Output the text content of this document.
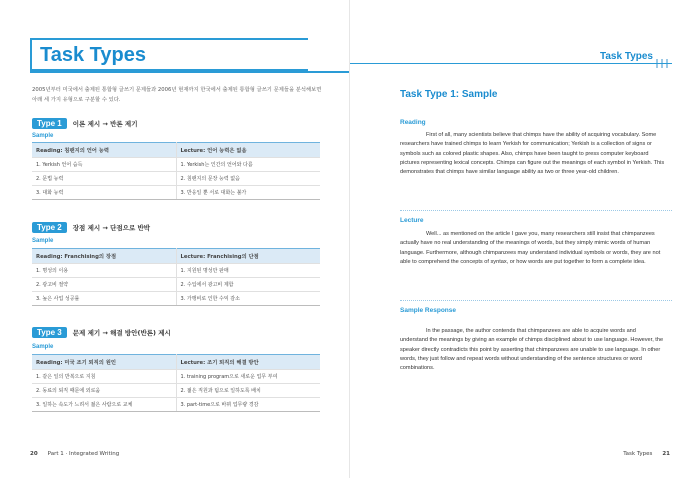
Task Types
2005년부터 미국에서 출제된 통합형 글쓰기 문제들과 2006년 현재까지 한국에서 출제된 통합형 글쓰기 문제들을 분석해보면 아래 세 가지 유형으로 구분할 수 있다.
Type 1	이론 제시 → 반론 제기
Sample
Reading: 침팬지의 언어 능력	Lecture: 언어 능력은 없음
1. Yerkish 언어 습득	1. Yerkish는 인간의 언어와 다름
2. 문법 능력	2. 침팬지의 문장 능력 없음
3. 대화 능력	3. 반응일 뿐 서로 대화는 불가
Type 2	장점 제시 → 단점으로 반박
Sample
Reading: Franchising의 장점	Lecture: Franchising의 단점
1. 명성의 이용	1. 지원된 명성만 판매
2. 광고비 절약	2. 수입에서 광고비 제함
3. 높은 사업 성공률	3. 가맹비로 인한 수익 감소
Type 3	문제 제기 → 해결 방안(반론) 제시
Sample
Reading: 미국 조기 퇴직의 원인	Lecture: 조기 퇴직의 해결 방안
1. 같은 일의 반복으로 지침	1. training program으로 새로운 업무 부여
2. 동료의 퇴직 때문에 외로움	2. 젊은 직원과 팀으로 일하도록 배치
3. 일하는 속도가 느려서 젊은 사람으로 교체	3. part-time으로 바꿔 업무량 경감
20 Part 1 · Integrated Writing
Task Types
Task Type 1: Sample
Reading
First of all, many scientists believe that chimps have the ability of acquiring vocabulary. Some researchers have trained chimps to learn Yerkish for communication; Yerkish is a collection of signs or symbols such as colored plastic shapes. Also, chimps have been taught to press computer keyboard pictures representing lexical concepts. Chimps can figure out the meanings of each symbol in Yerkish. This demonstrates that chimps have similar language ability as two or three year-old children.
Lecture
Well... as mentioned on the article I gave you, many researchers still insist that chimpanzees actually have no real understanding of the meanings of words, but they simply mimic words of human language. Furthermore, although chimpanzees may understand individual symbols or words, they are not able to comprehend the concepts of syntax, or how words are put together to form a complete idea.
Sample Response
In the passage, the author contends that chimpanzees are able to acquire words and understand the meanings by giving an example of chimps disciplined about to use language. However, the speaker directly contradicts this point by asserting that chimpanzees are unable to use language. In other words, they just follow and repeat words without understanding of the sentence structures or word combinations.
Task Types 21
